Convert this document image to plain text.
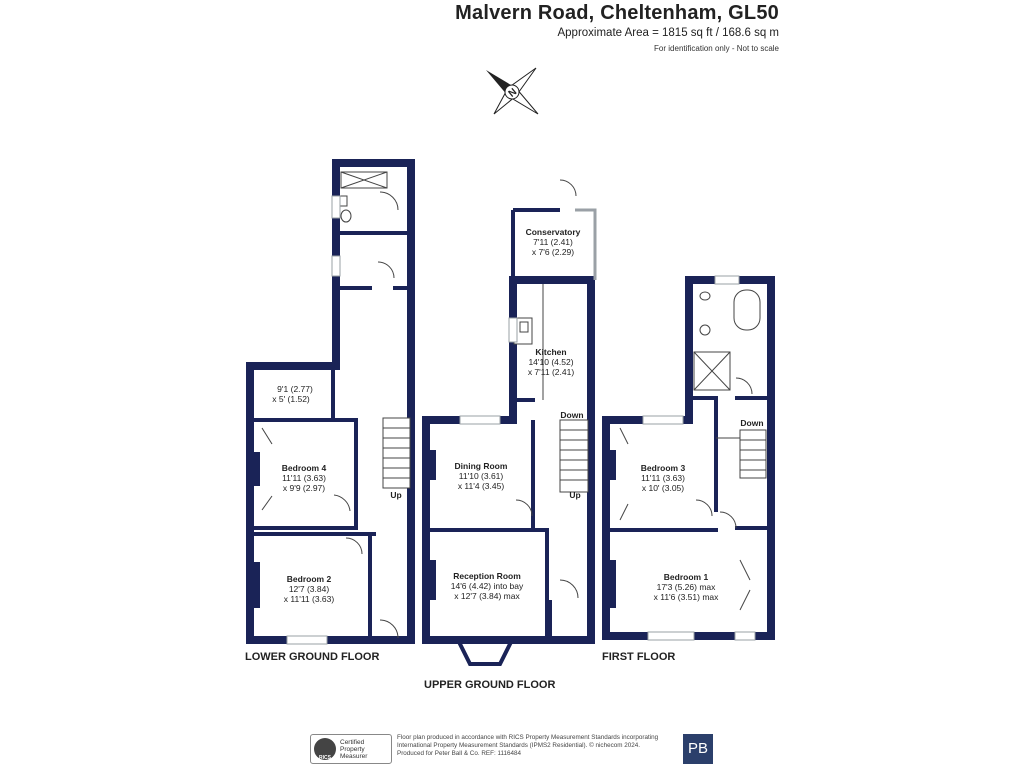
Malvern Road, Cheltenham, GL50
Approximate Area = 1815 sq ft / 168.6 sq m
For identification only - Not to scale
N
9'1 (2.77)
x 5' (1.52)
Bedroom 4
11'11 (3.63)
x 9'9 (2.97)
Bedroom 2
12'7 (3.84)
x 11'11 (3.63)
Up
Conservatory
7'11 (2.41)
x 7'6 (2.29)
Kitchen
14'10 (4.52)
x 7'11 (2.41)
Down
Up
Dining Room
11'10 (3.61)
x 11'4 (3.45)
Reception Room
14'6 (4.42) into bay
x 12'7 (3.84) max
Down
Bedroom 3
11'11 (3.63)
x 10' (3.05)
Bedroom 1
17'3 (5.26) max
x 11'6 (3.51) max
LOWER GROUND FLOOR
UPPER GROUND FLOOR
FIRST FLOOR
RICS
Certified
Property
Measurer
Floor plan produced in accordance with RICS Property Measurement Standards incorporating
International Property Measurement Standards (IPMS2 Residential). © nichecom 2024.
Produced for Peter Ball & Co. REF: 1116484	PB
